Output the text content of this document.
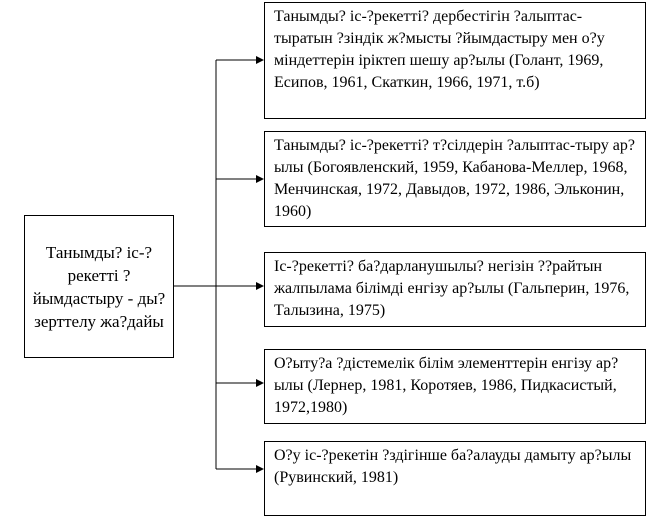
Танымды? іс-?рекетті ?йымдастыру - ды? зерттелу жа?дайы
Танымды? іс-?рекетті? дербестігін ?алыптас-тыратын ?зіндік ж?мысты ?йымдастыру мен о?у міндеттерін іріктеп шешу ар?ылы (Голант, 1969, Есипов, 1961, Скаткин, 1966, 1971, т.б)
Танымды? іс-?рекетті? т?сілдерін ?алыптас-тыру ар?ылы (Богоявленский, 1959, Кабанова-Меллер, 1968, Менчинская, 1972, Давыдов, 1972, 1986, Эльконин, 1960)
Іс-?рекетті? ба?дарланушылы? негізін ??райтын жалпылама білімді енгізу ар?ылы (Гальперин, 1976, Талызина, 1975)
О?ыту?а ?дістемелік білім элементтерін енгізу ар?ылы (Лернер, 1981, Коротяев, 1986, Пидкасистый, 1972,1980)
О?у іс-?рекетін ?здігінше ба?алауды дамыту ар?ылы (Рувинский, 1981)
